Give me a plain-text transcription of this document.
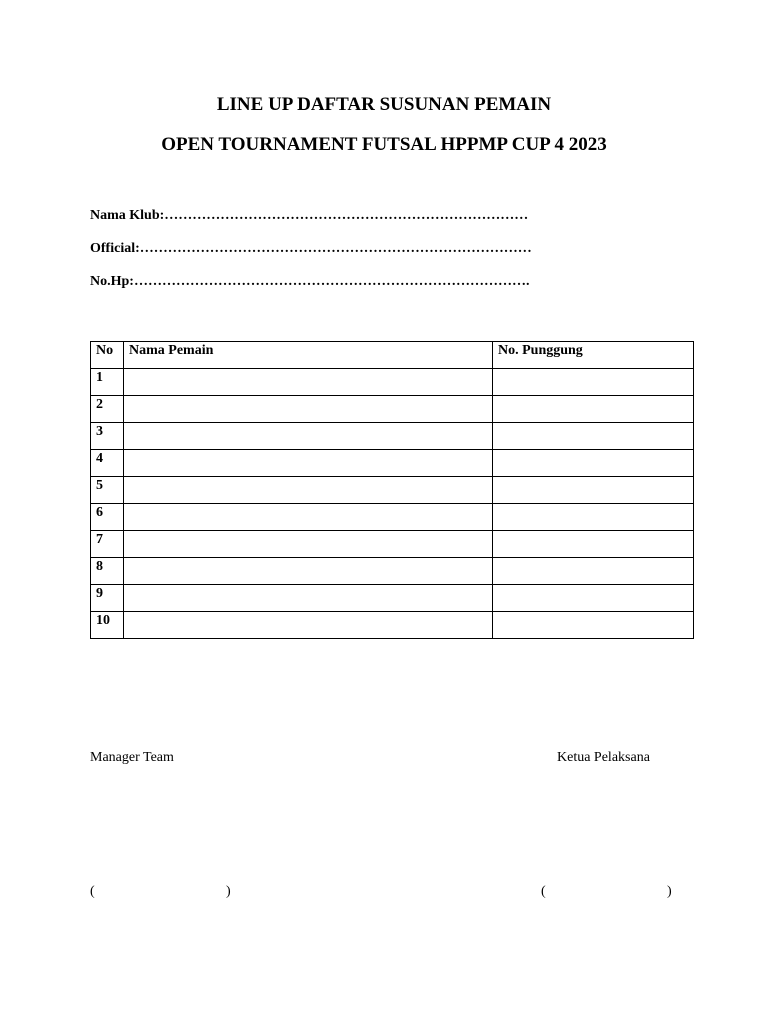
LINE UP DAFTAR SUSUNAN PEMAIN
OPEN TOURNAMENT FUTSAL HPPMP CUP 4 2023
Nama Klub:……………………………………………………………………
Official:…………………………………………………………………………
No.Hp:………………………………………………………………………….
No	Nama Pemain	No. Punggung
1		
2		
3		
4		
5		
6		
7		
8		
9		
10		
Manager Team	Ketua Pelaksana
(	)	(	)
